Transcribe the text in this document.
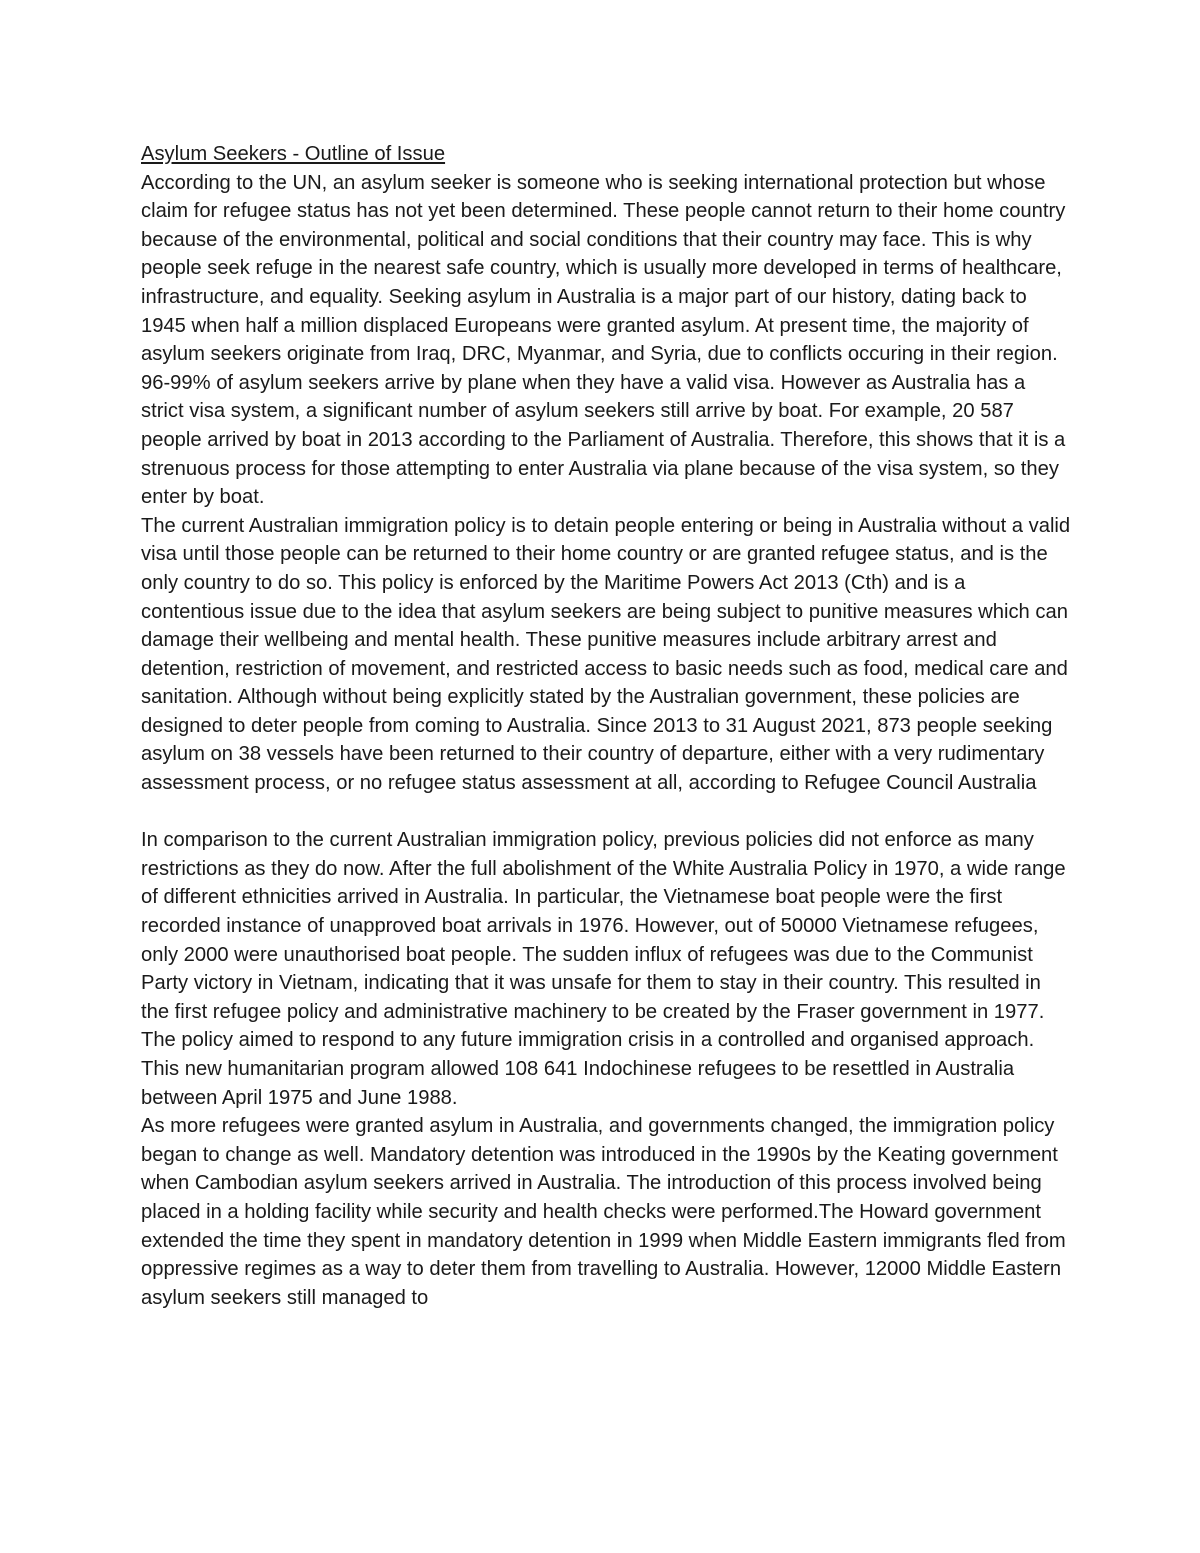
Asylum Seekers - Outline of Issue

According to the UN, an asylum seeker is someone who is seeking international protection but whose claim for refugee status has not yet been determined. These people cannot return to their home country because of the environmental, political and social conditions that their country may face. This is why people seek refuge in the nearest safe country, which is usually more developed in terms of healthcare, infrastructure, and equality. Seeking asylum in Australia is a major part of our history, dating back to 1945 when half a million displaced Europeans were granted asylum. At present time, the majority of asylum seekers originate from Iraq, DRC, Myanmar, and Syria, due to conflicts occuring in their region. 96-99% of asylum seekers arrive by plane when they have a valid visa. However as Australia has a strict visa system, a significant number of asylum seekers still arrive by boat. For example, 20 587 people arrived by boat in 2013 according to the Parliament of Australia. Therefore, this shows that it is a strenuous process for those attempting to enter Australia via plane because of the visa system, so they enter by boat.

The current Australian immigration policy is to detain people entering or being in Australia without a valid visa until those people can be returned to their home country or are granted refugee status, and is the only country to do so. This policy is enforced by the Maritime Powers Act 2013 (Cth) and is a contentious issue due to the idea that asylum seekers are being subject to punitive measures which can damage their wellbeing and mental health. These punitive measures include arbitrary arrest and detention, restriction of movement, and restricted access to basic needs such as food, medical care and sanitation. Although without being explicitly stated by the Australian government, these policies are designed to deter people from coming to Australia. Since 2013 to 31 August 2021, 873 people seeking asylum on 38 vessels have been returned to their country of departure, either with a very rudimentary assessment process, or no refugee status assessment at all, according to Refugee Council Australia

In comparison to the current Australian immigration policy, previous policies did not enforce as many restrictions as they do now. After the full abolishment of the White Australia Policy in 1970, a wide range of different ethnicities arrived in Australia. In particular, the Vietnamese boat people were the first recorded instance of unapproved boat arrivals in 1976. However, out of 50000 Vietnamese refugees, only 2000 were unauthorised boat people. The sudden influx of refugees was due to the Communist Party victory in Vietnam, indicating that it was unsafe for them to stay in their country. This resulted in the first refugee policy and administrative machinery to be created by the Fraser government in 1977. The policy aimed to respond to any future immigration crisis in a controlled and organised approach. This new humanitarian program allowed 108 641 Indochinese refugees to be resettled in Australia between April 1975 and June 1988.

As more refugees were granted asylum in Australia, and governments changed, the immigration policy began to change as well. Mandatory detention was introduced in the 1990s by the Keating government when Cambodian asylum seekers arrived in Australia. The introduction of this process involved being placed in a holding facility while security and health checks were performed.The Howard government extended the time they spent in mandatory detention in 1999 when Middle Eastern immigrants fled from oppressive regimes as a way to deter them from travelling to Australia. However, 12000 Middle Eastern asylum seekers still managed to
